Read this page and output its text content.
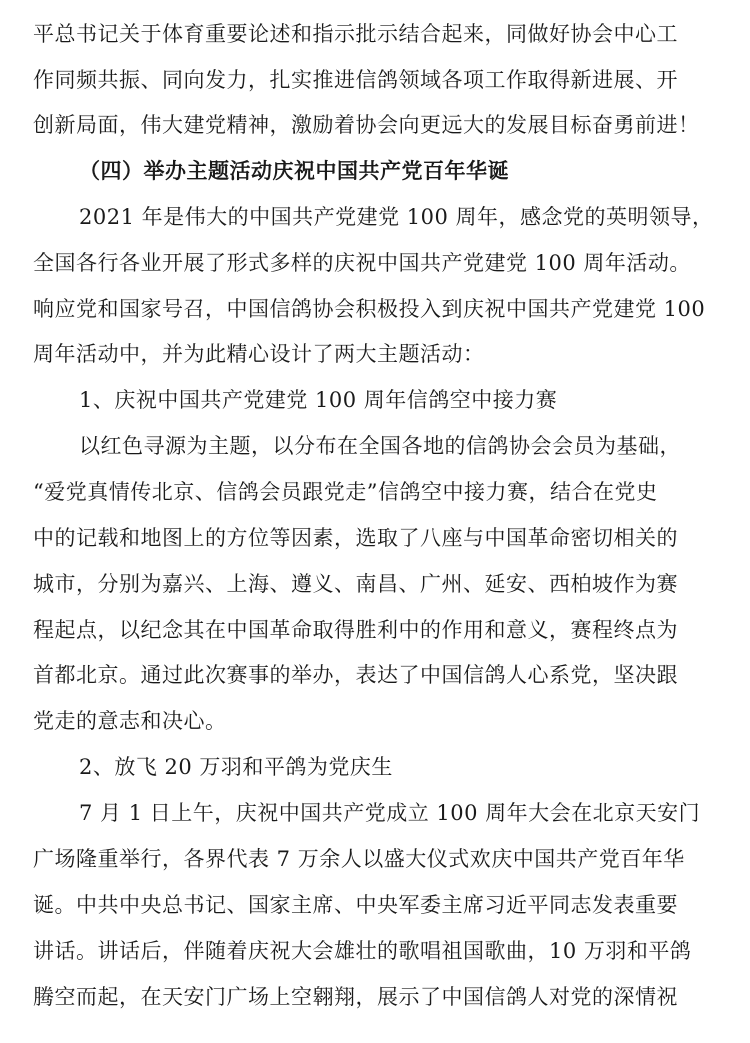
平总书记关于体育重要论述和指示批示结合起来，同做好协会中心工
作同频共振、同向发力，扎实推进信鸽领域各项工作取得新进展、开
创新局面，伟大建党精神，激励着协会向更远大的发展目标奋勇前进！
（四）举办主题活动庆祝中国共产党百年华诞
2021 年是伟大的中国共产党建党 100 周年，感念党的英明领导，
全国各行各业开展了形式多样的庆祝中国共产党建党 100 周年活动。
响应党和国家号召，中国信鸽协会积极投入到庆祝中国共产党建党 100
周年活动中，并为此精心设计了两大主题活动：
1、庆祝中国共产党建党 100 周年信鸽空中接力赛
以红色寻源为主题，以分布在全国各地的信鸽协会会员为基础，
“爱党真情传北京、信鸽会员跟党走”信鸽空中接力赛，结合在党史
中的记载和地图上的方位等因素，选取了八座与中国革命密切相关的
城市，分别为嘉兴、上海、遵义、南昌、广州、延安、西柏坡作为赛
程起点，以纪念其在中国革命取得胜利中的作用和意义，赛程终点为
首都北京。通过此次赛事的举办，表达了中国信鸽人心系党，坚决跟
党走的意志和决心。
2、放飞 20 万羽和平鸽为党庆生
7 月 1 日上午，庆祝中国共产党成立 100 周年大会在北京天安门
广场隆重举行，各界代表 7 万余人以盛大仪式欢庆中国共产党百年华
诞。中共中央总书记、国家主席、中央军委主席习近平同志发表重要
讲话。讲话后，伴随着庆祝大会雄壮的歌唱祖国歌曲，10 万羽和平鸽
腾空而起，在天安门广场上空翱翔，展示了中国信鸽人对党的深情祝
